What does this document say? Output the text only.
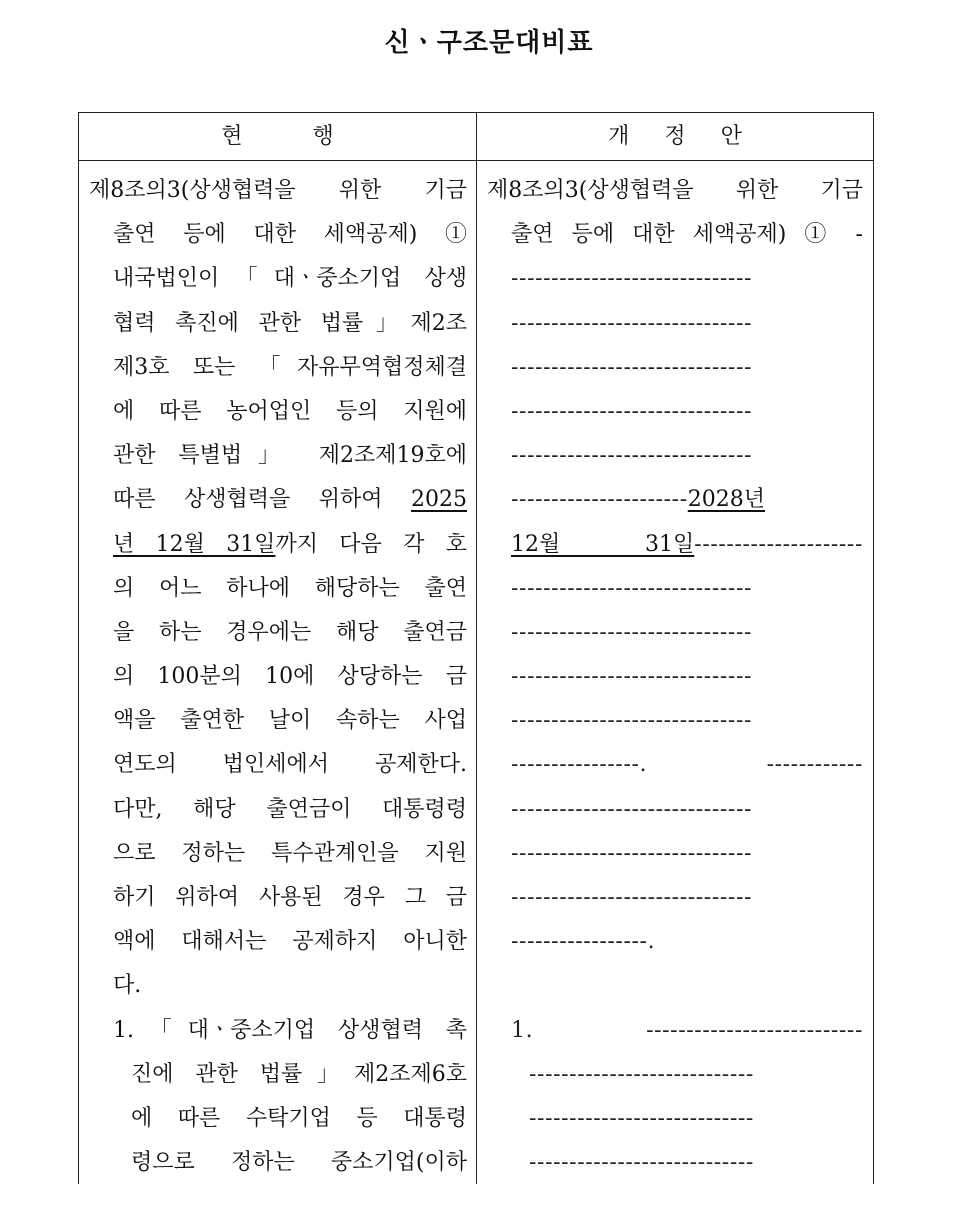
신ㆍ구조문대비표
현          행	개     정     안
제8조의3(상생협력을 위한 기금
출연 등에 대한 세액공제) ①
내국법인이「대ㆍ중소기업 상생
협력 촉진에 관한 법률」제2조
제3호 또는 「자유무역협정체결
에 따른 농어업인 등의 지원에
관한 특별법」 제2조제19호에
따른 상생협력을 위하여 2025
년 12월 31일까지 다음 각 호
의 어느 하나에 해당하는 출연
을 하는 경우에는 해당 출연금
의 100분의 10에 상당하는 금
액을 출연한 날이 속하는 사업
연도의 법인세에서 공제한다.
다만, 해당 출연금이 대통령령
으로 정하는 특수관계인을 지원
하기 위하여 사용된 경우 그 금
액에 대해서는 공제하지 아니한
다.
1.「대ㆍ중소기업 상생협력 촉
진에 관한 법률」제2조제6호
에 따른 수탁기업 등 대통령
령으로 정하는 중소기업(이하
제8조의3(상생협력을 위한 기금
출연 등에 대한 세액공제) ① -
------------------------------
------------------------------
------------------------------
------------------------------
------------------------------
----------------------2028년
12월 31일---------------------
------------------------------
------------------------------
------------------------------
------------------------------
----------------. ------------
------------------------------
------------------------------
------------------------------
-----------------.
1. ---------------------------
----------------------------
----------------------------
----------------------------
